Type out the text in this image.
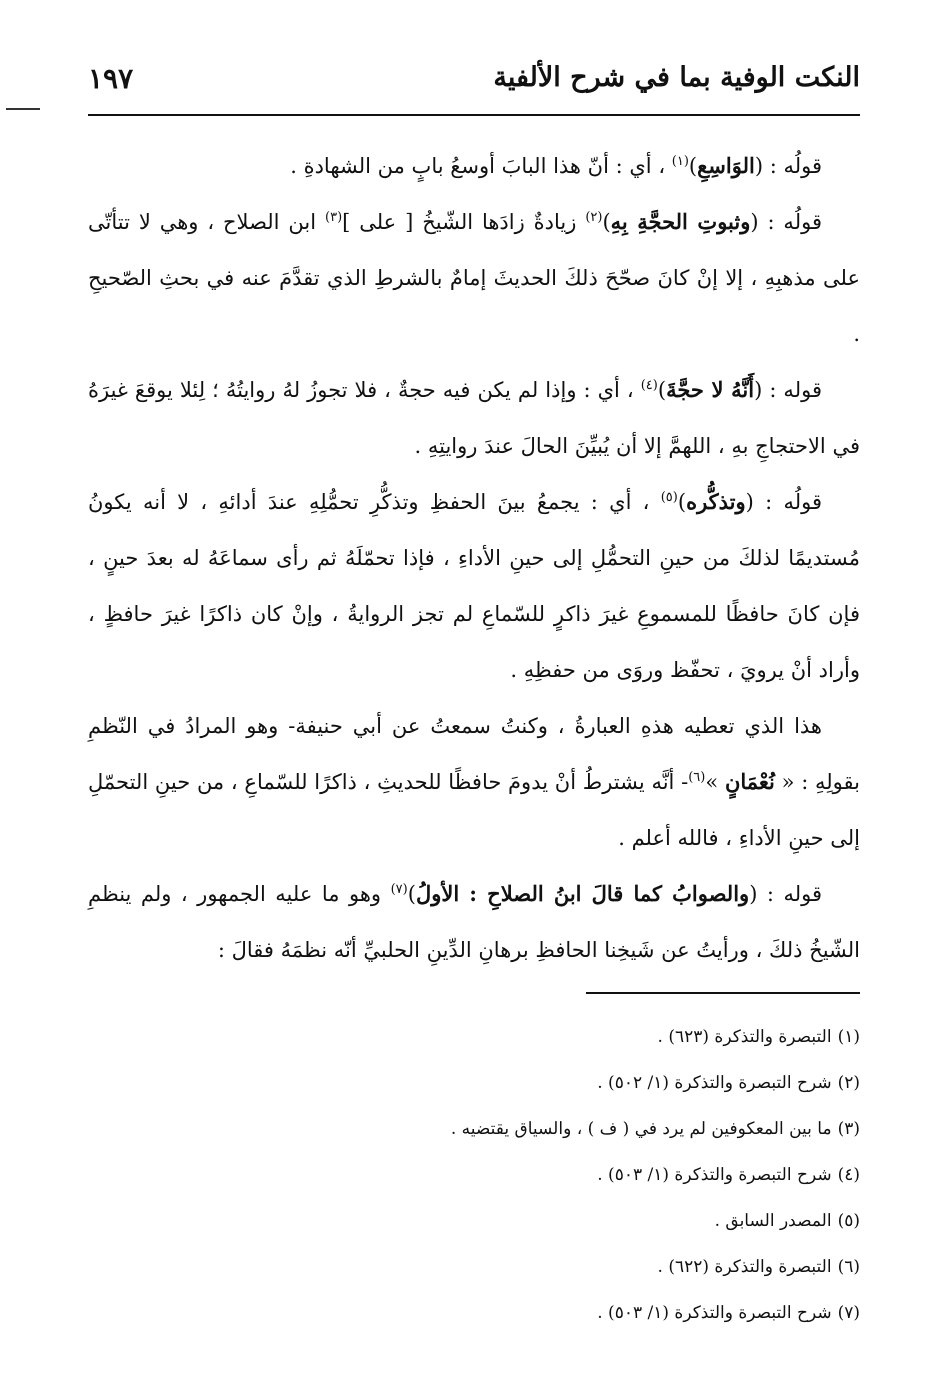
النكت الوفية بما في شرح الألفية
١٩٧

قولُه : (الوَاسِعِ)$^{(١)}$ ، أي : أنّ هذا البابَ أوسعُ بابٍ من الشهادةِ .

قولُه : (وثبوتِ الحجَّةِ بِهِ)$^{(٢)}$ زيادةٌ زادَها الشّيخُ [ على ]$^{(٣)}$ ابن الصلاح ، وهي لا تتأتّى على مذهبِهِ ، إلا إنْ كانَ صحّحَ ذلكَ الحديثَ إمامٌ بالشرطِ الذي تقدَّمَ عنه في بحثِ الصّحيحِ .

قوله : (أَنَّهُ لا حجَّةَ)$^{(٤)}$ ، أي : وإذا لم يكن فيه حجةٌ ، فلا تجوزُ لهُ روايتُهُ ؛ لِئلا يوقعَ غيرَهُ في الاحتجاجِ بهِ ، اللهمَّ إلا أن يُبيِّنَ الحالَ عندَ روايتِهِ .

قولُه : (وتذكُّره)$^{(٥)}$ ، أي : يجمعُ بينَ الحفظِ وتذكُّرِ تحمُّلِهِ عندَ أدائهِ ، لا أنه يكونُ مُستديمًا لذلكَ من حينِ التحمُّلِ إلى حينِ الأداءِ ، فإذا تحمّلَهُ ثم رأى سماعَهُ له بعدَ حينٍ ، فإن كانَ حافظًا للمسموعِ غيرَ ذاكرٍ للسّماعِ لم تجز الروايةُ ، وإنْ كان ذاكرًا غيرَ حافظٍ ، وأراد أنْ يرويَ ، تحفّظ وروَى من حفظِهِ .

هذا الذي تعطيه هذهِ العبارةُ ، وكنتُ سمعتُ عن أبي حنيفة- وهو المرادُ في النّظمِ بقولِهِ : « نُعْمَانٍ »$^{(٦)}$- أنَّه يشترطُ أنْ يدومَ حافظًا للحديثِ ، ذاكرًا للسّماعِ ، من حينِ التحمّلِ إلى حينِ الأداءِ ، فالله أعلم .

قوله : (والصوابُ كما قالَ ابنُ الصلاحِ : الأولُ)$^{(٧)}$ وهو ما عليه الجمهور ، ولم ينظمِ الشّيخُ ذلكَ ، ورأيتُ عن شَيخِنا الحافظِ برهانِ الدِّينِ الحلبيِّ أنّه نظمَهُ فقالَ :

(١)التبصرة والتذكرة (٦٢٣) .
(٢)شرح التبصرة والتذكرة (١/ ٥٠٢) .
(٣)ما بين المعكوفين لم يرد في ( ف ) ، والسياق يقتضيه .
(٤)شرح التبصرة والتذكرة (١/ ٥٠٣) .
(٥)المصدر السابق .
(٦)التبصرة والتذكرة (٦٢٢) .
(٧)شرح التبصرة والتذكرة (١/ ٥٠٣) .
